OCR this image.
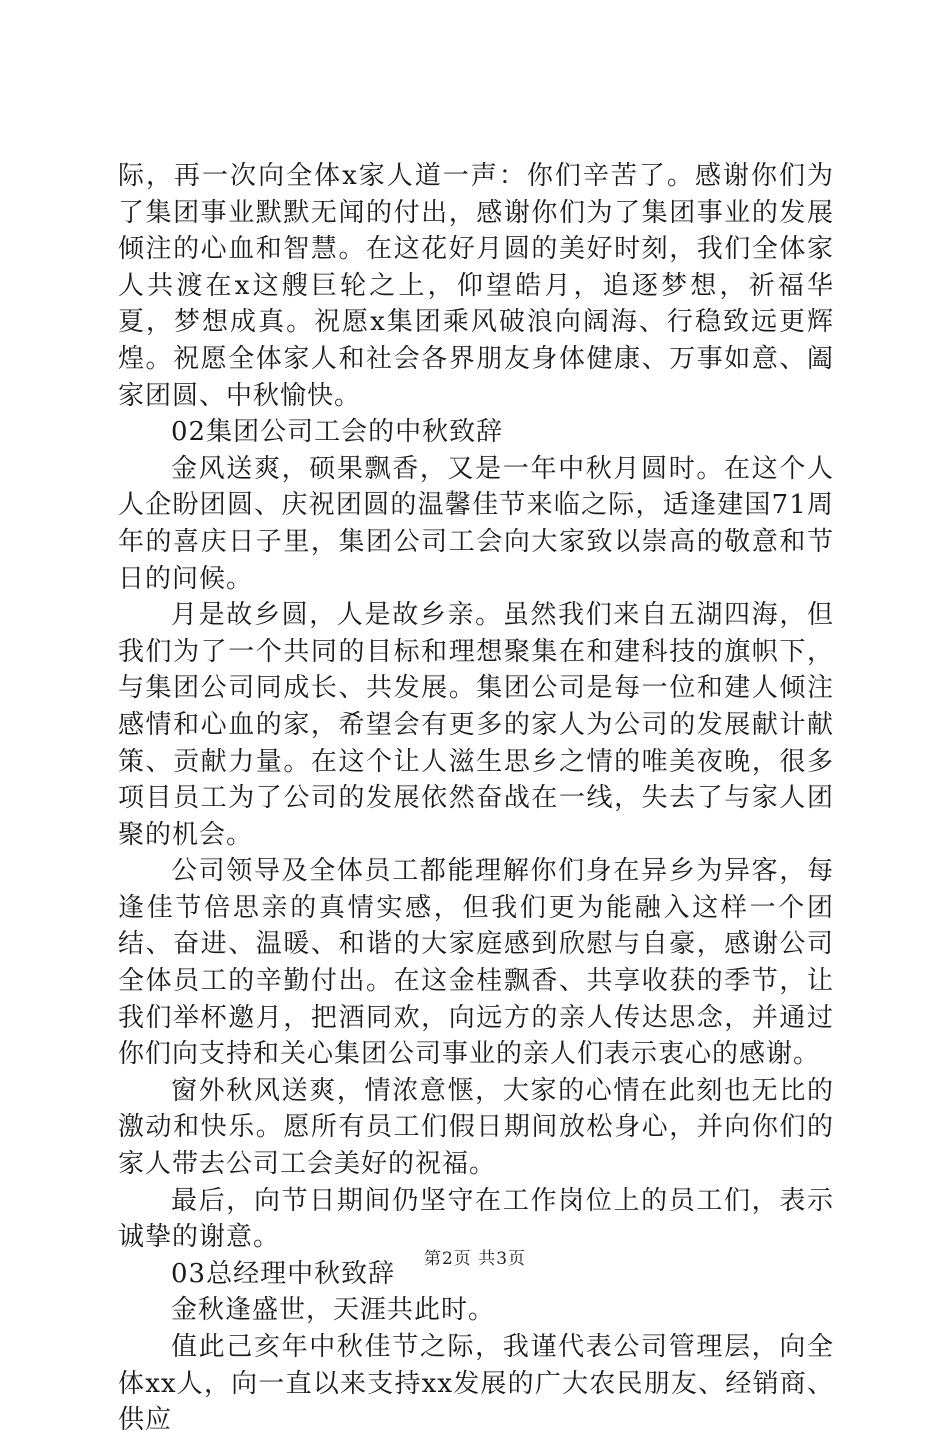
际，再一次向全体x家人道一声：你们辛苦了。感谢你们为了集团事业默默无闻的付出，感谢你们为了集团事业的发展倾注的心血和智慧。在这花好月圆的美好时刻，我们全体家人共渡在x这艘巨轮之上，仰望皓月，追逐梦想，祈福华夏，梦想成真。祝愿x集团乘风破浪向阔海、行稳致远更辉煌。祝愿全体家人和社会各界朋友身体健康、万事如意、阖家团圆、中秋愉快。

02集团公司工会的中秋致辞

金风送爽，硕果飘香，又是一年中秋月圆时。在这个人人企盼团圆、庆祝团圆的温馨佳节来临之际，适逢建国71周年的喜庆日子里，集团公司工会向大家致以崇高的敬意和节日的问候。

月是故乡圆，人是故乡亲。虽然我们来自五湖四海，但我们为了一个共同的目标和理想聚集在和建科技的旗帜下，与集团公司同成长、共发展。集团公司是每一位和建人倾注感情和心血的家，希望会有更多的家人为公司的发展献计献策、贡献力量。在这个让人滋生思乡之情的唯美夜晚，很多项目员工为了公司的发展依然奋战在一线，失去了与家人团聚的机会。

公司领导及全体员工都能理解你们身在异乡为异客，每逢佳节倍思亲的真情实感，但我们更为能融入这样一个团结、奋进、温暖、和谐的大家庭感到欣慰与自豪，感谢公司全体员工的辛勤付出。在这金桂飘香、共享收获的季节，让我们举杯邀月，把酒同欢，向远方的亲人传达思念，并通过你们向支持和关心集团公司事业的亲人们表示衷心的感谢。

窗外秋风送爽，情浓意惬，大家的心情在此刻也无比的激动和快乐。愿所有员工们假日期间放松身心，并向你们的家人带去公司工会美好的祝福。

最后，向节日期间仍坚守在工作岗位上的员工们，表示诚挚的谢意。

03总经理中秋致辞

金秋逢盛世，天涯共此时。

值此己亥年中秋佳节之际，我谨代表公司管理层，向全体xx人，向一直以来支持xx发展的广大农民朋友、经销商、供应

第2页 共3页
